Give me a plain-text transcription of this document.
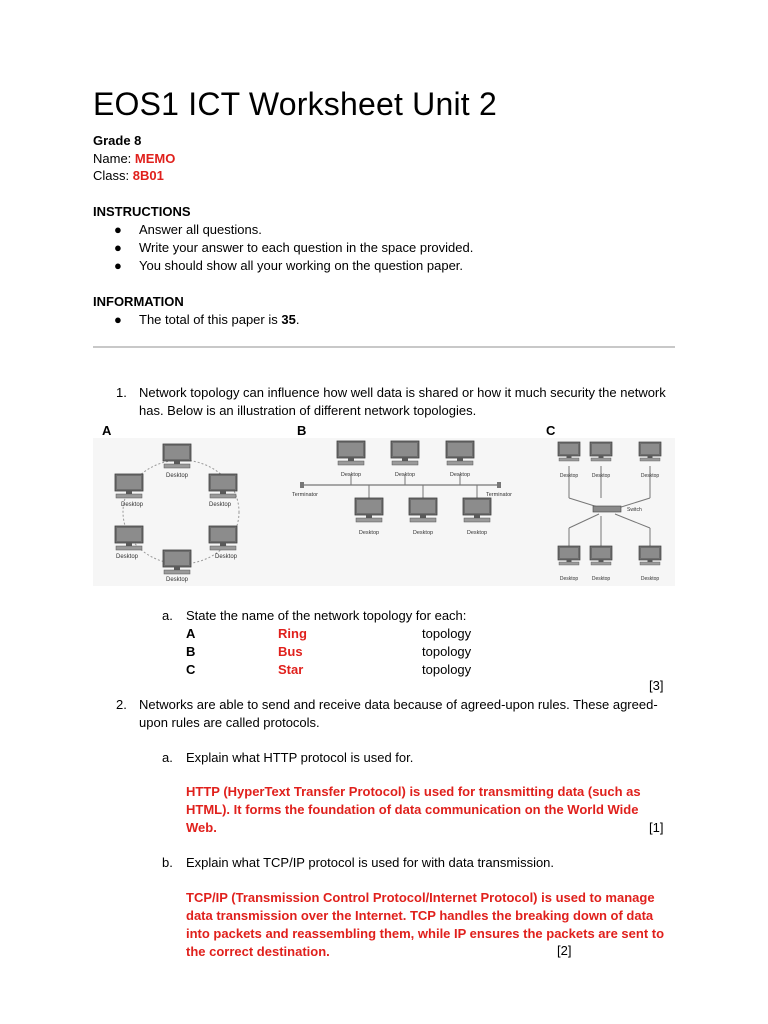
EOS1 ICT Worksheet Unit 2
Grade 8
Name: MEMO
Class: 8B01
INSTRUCTIONS
● Answer all questions.
● Write your answer to each question in the space provided.
● You should show all your working on the question paper.
INFORMATION
● The total of this paper is 35.
1. Network topology can influence how well data is shared or how it much security the network has. Below is an illustration of different network topologies.
A	B	C
Desktop
Desktop	Desktop
Desktop	Desktop
Desktop
Terminator	Terminator
Desktop	Desktop	Desktop
Desktop	Desktop	Desktop
Switch
Desktop	Desktop	Desktop
Desktop	Desktop	Desktop
a. State the name of the network topology for each:
A	Ring	topology
B	Bus	topology
C	Star	topology
[3]
2. Networks are able to send and receive data because of agreed-upon rules. These agreed-upon rules are called protocols.
a. Explain what HTTP protocol is used for.
HTTP (HyperText Transfer Protocol) is used for transmitting data (such as HTML). It forms the foundation of data communication on the World Wide Web.	[1]
b. Explain what TCP/IP protocol is used for with data transmission.
TCP/IP (Transmission Control Protocol/Internet Protocol) is used to manage data transmission over the Internet. TCP handles the breaking down of data into packets and reassembling them, while IP ensures the packets are sent to the correct destination.	[2]
